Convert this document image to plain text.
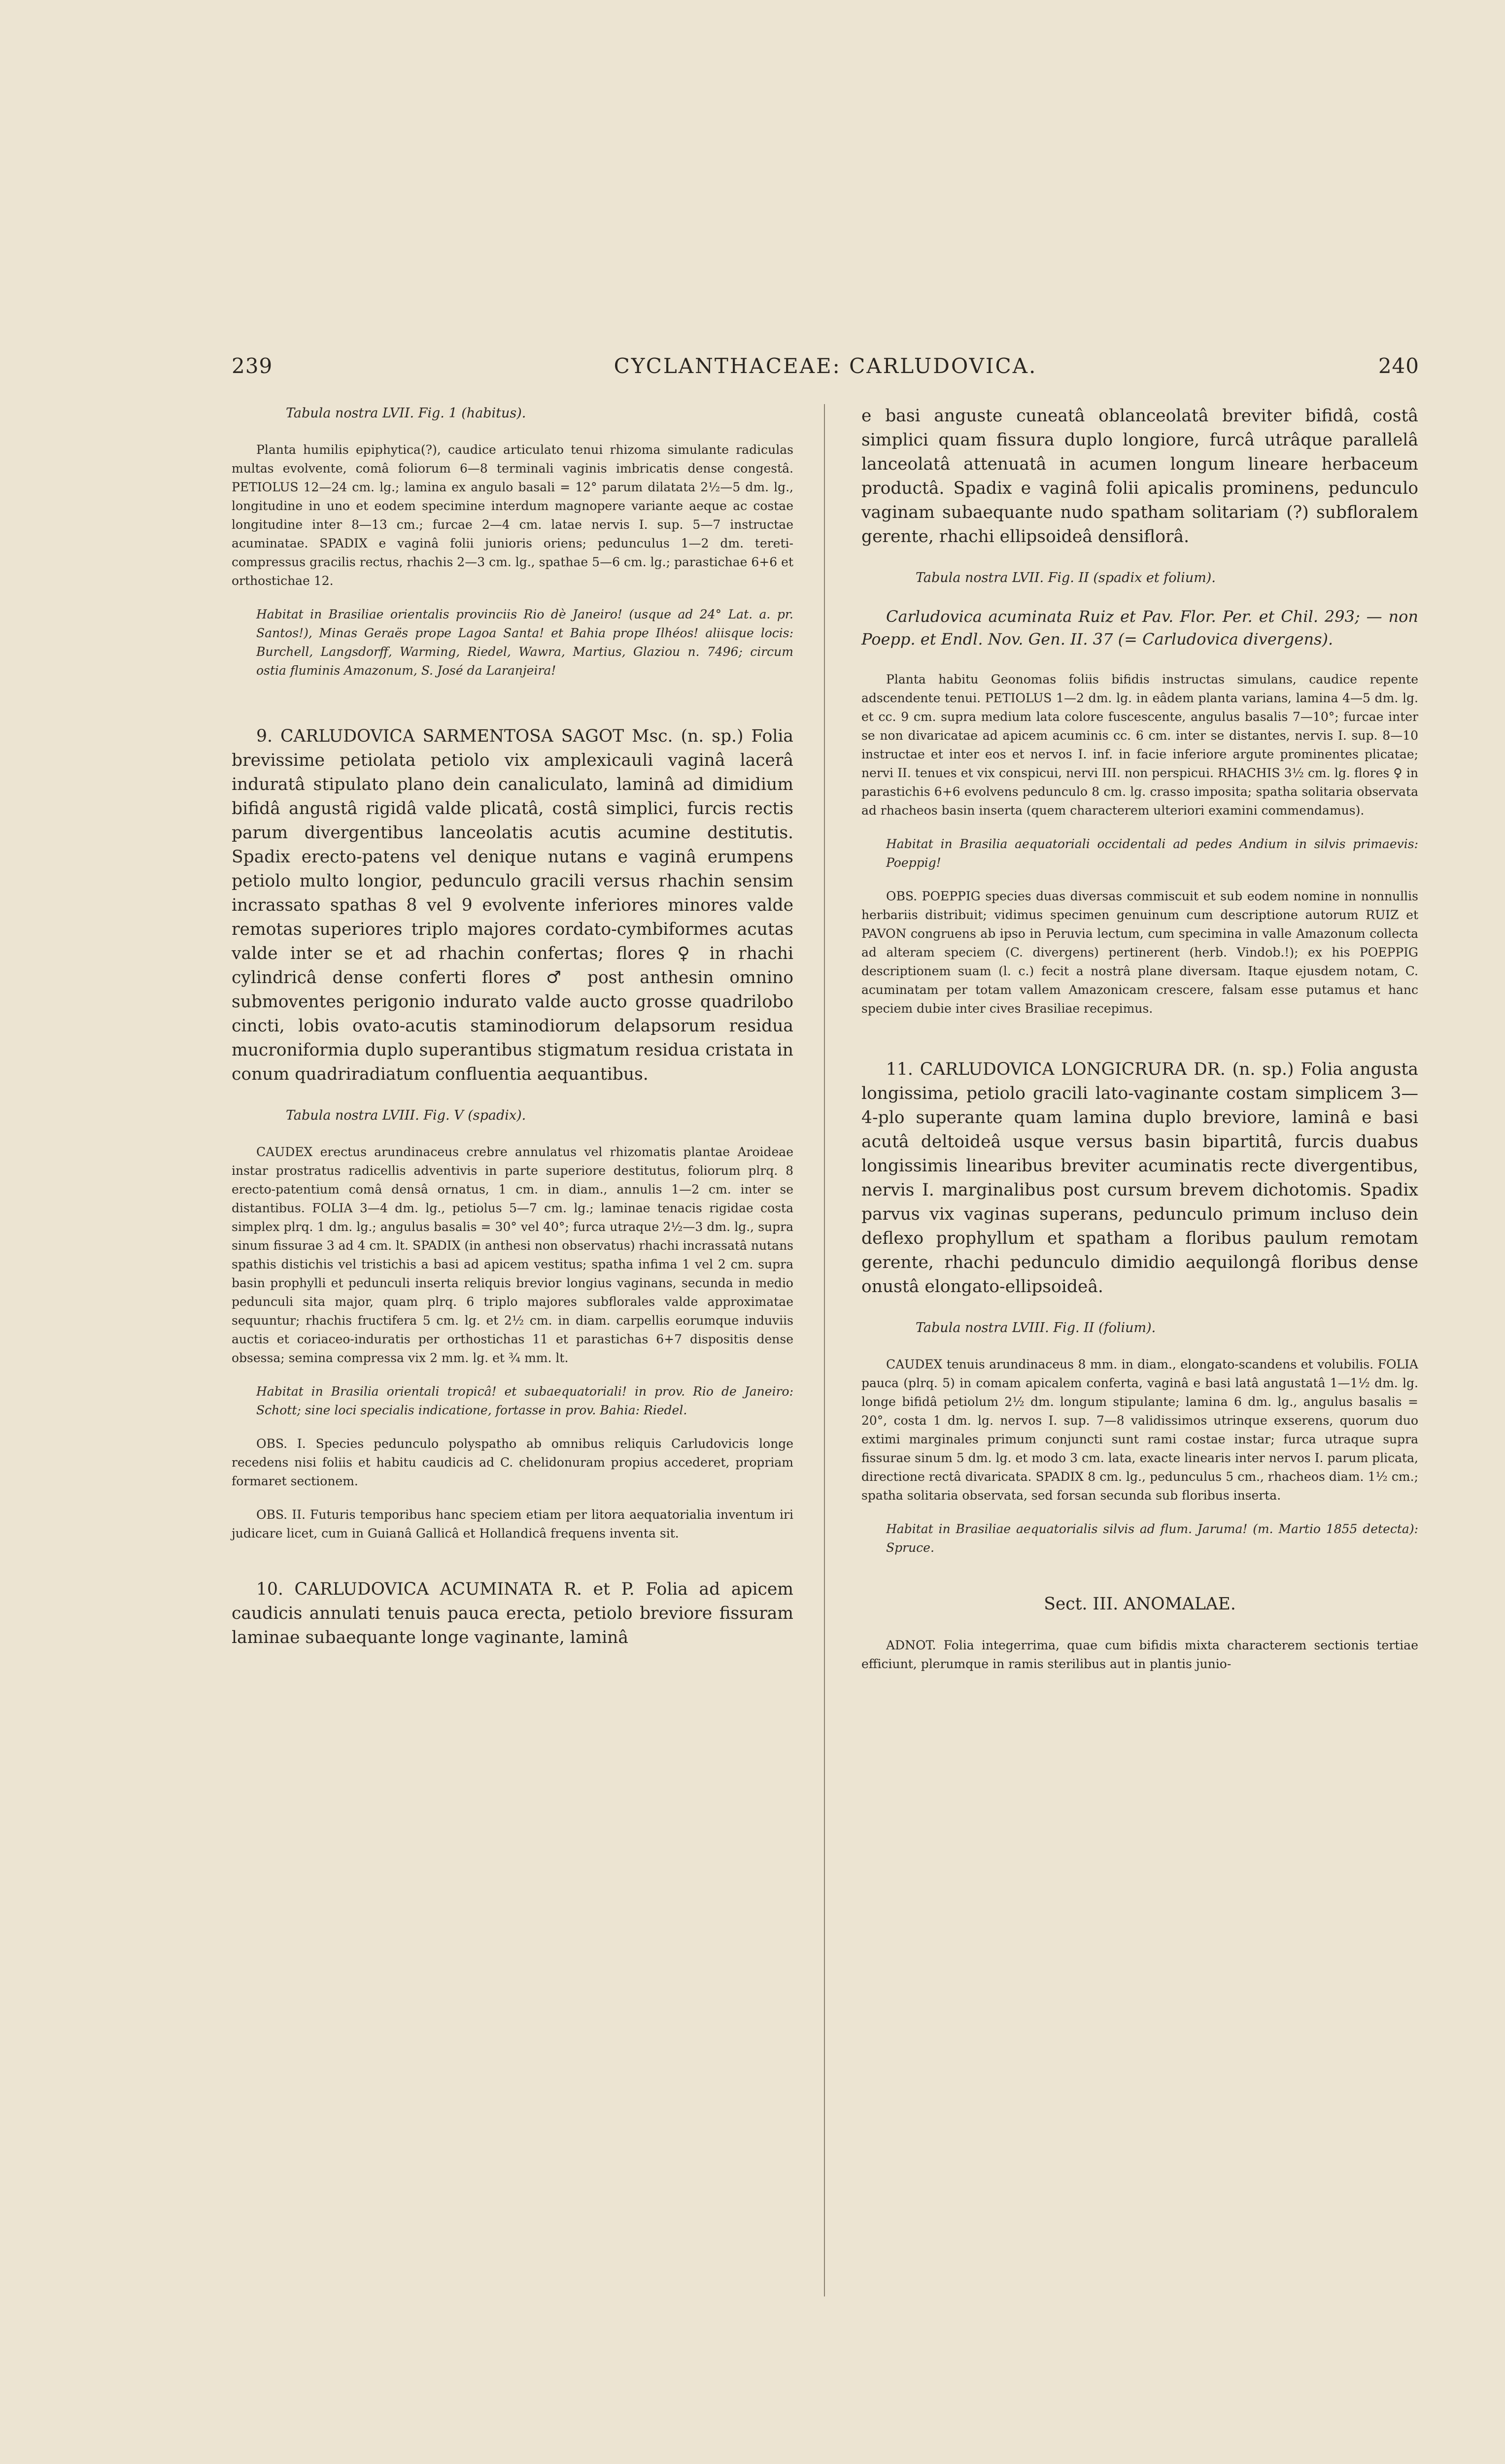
239	CYCLANTHACEAE: CARLUDOVICA.	240

Tabula nostra LVII. Fig. 1 (habitus).

Planta humilis epiphytica(?), caudice articulato tenui rhizoma simulante radiculas multas evolvente, comâ foliorum 6—8 terminali vaginis imbricatis dense congestâ. PETIOLUS 12—24 cm. lg.; lamina ex angulo basali = 12° parum dilatata 2½—5 dm. lg., longitudine in uno et eodem specimine interdum magnopere variante aeque ac costae longitudine inter 8—13 cm.; furcae 2—4 cm. latae nervis I. sup. 5—7 instructae acuminatae. SPADIX e vaginâ folii junioris oriens; pedunculus 1—2 dm. tereti-compressus gracilis rectus, rhachis 2—3 cm. lg., spathae 5—6 cm. lg.; parastichae 6+6 et orthostichae 12.

Habitat in Brasiliae orientalis provinciis Rio dè Janeiro! (usque ad 24° Lat. a. pr. Santos!), Minas Geraës prope Lagoa Santa! et Bahia prope Ilhéos! aliisque locis: Burchell, Langsdorff, Warming, Riedel, Wawra, Martius, Glaziou n. 7496; circum ostia fluminis Amazonum, S. José da Laranjeira!

9. CARLUDOVICA SARMENTOSA SAGOT Msc. (n. sp.) Folia brevissime petiolata petiolo vix amplexicauli vaginâ lacerâ induratâ stipulato plano dein canaliculato, laminâ ad dimidium bifidâ angustâ rigidâ valde plicatâ, costâ simplici, furcis rectis parum divergentibus lanceolatis acutis acumine destitutis. Spadix erecto-patens vel denique nutans e vaginâ erumpens petiolo multo longior, pedunculo gracili versus rhachin sensim incrassato spathas 8 vel 9 evolvente inferiores minores valde remotas superiores triplo majores cordato-cymbiformes acutas valde inter se et ad rhachin confertas; flores ♀ in rhachi cylindricâ dense conferti flores ♂ post anthesin omnino submoventes perigonio indurato valde aucto grosse quadrilobo cincti, lobis ovato-acutis staminodiorum delapsorum residua mucroniformia duplo superantibus stigmatum residua cristata in conum quadriradiatum confluentia aequantibus.

Tabula nostra LVIII. Fig. V (spadix).

CAUDEX erectus arundinaceus crebre annulatus vel rhizomatis plantae Aroideae instar prostratus radicellis adventivis in parte superiore destitutus, foliorum plrq. 8 erecto-patentium comâ densâ ornatus, 1 cm. in diam., annulis 1—2 cm. inter se distantibus. FOLIA 3—4 dm. lg., petiolus 5—7 cm. lg.; laminae tenacis rigidae costa simplex plrq. 1 dm. lg.; angulus basalis = 30° vel 40°; furca utraque 2½—3 dm. lg., supra sinum fissurae 3 ad 4 cm. lt. SPADIX (in anthesi non observatus) rhachi incrassatâ nutans spathis distichis vel tristichis a basi ad apicem vestitus; spatha infima 1 vel 2 cm. supra basin prophylli et pedunculi inserta reliquis brevior longius vaginans, secunda in medio pedunculi sita major, quam plrq. 6 triplo majores subflorales valde approximatae sequuntur; rhachis fructifera 5 cm. lg. et 2½ cm. in diam. carpellis eorumque induviis auctis et coriaceo-induratis per orthostichas 11 et parastichas 6+7 dispositis dense obsessa; semina compressa vix 2 mm. lg. et ¾ mm. lt.

Habitat in Brasilia orientali tropicâ! et subaequatoriali! in prov. Rio de Janeiro: Schott; sine loci specialis indicatione, fortasse in prov. Bahia: Riedel.

OBS. I. Species pedunculo polyspatho ab omnibus reliquis Carludovicis longe recedens nisi foliis et habitu caudicis ad C. chelidonuram propius accederet, propriam formaret sectionem.

OBS. II. Futuris temporibus hanc speciem etiam per litora aequatorialia inventum iri judicare licet, cum in Guianâ Gallicâ et Hollandicâ frequens inventa sit.

10. CARLUDOVICA ACUMINATA R. et P. Folia ad apicem caudicis annulati tenuis pauca erecta, petiolo breviore fissuram laminae subaequante longe vaginante, laminâ

e basi anguste cuneatâ oblanceolatâ breviter bifidâ, costâ simplici quam fissura duplo longiore, furcâ utrâque parallelâ lanceolatâ attenuatâ in acumen longum lineare herbaceum productâ. Spadix e vaginâ folii apicalis prominens, pedunculo vaginam subaequante nudo spatham solitariam (?) subfloralem gerente, rhachi ellipsoideâ densiflorâ.

Tabula nostra LVII. Fig. II (spadix et folium).

Carludovica acuminata Ruiz et Pav. Flor. Per. et Chil. 293; — non Poepp. et Endl. Nov. Gen. II. 37 (= Carludovica divergens).

Planta habitu Geonomas foliis bifidis instructas simulans, caudice repente adscendente tenui. PETIOLUS 1—2 dm. lg. in eâdem planta varians, lamina 4—5 dm. lg. et cc. 9 cm. supra medium lata colore fuscescente, angulus basalis 7—10°; furcae inter se non divaricatae ad apicem acuminis cc. 6 cm. inter se distantes, nervis I. sup. 8—10 instructae et inter eos et nervos I. inf. in facie inferiore argute prominentes plicatae; nervi II. tenues et vix conspicui, nervi III. non perspicui. RHACHIS 3½ cm. lg. flores ♀ in parastichis 6+6 evolvens pedunculo 8 cm. lg. crasso imposita; spatha solitaria observata ad rhacheos basin inserta (quem characterem ulteriori examini commendamus).

Habitat in Brasilia aequatoriali occidentali ad pedes Andium in silvis primaevis: Poeppig!

OBS. POEPPIG species duas diversas commiscuit et sub eodem nomine in nonnullis herbariis distribuit; vidimus specimen genuinum cum descriptione autorum RUIZ et PAVON congruens ab ipso in Peruvia lectum, cum specimina in valle Amazonum collecta ad alteram speciem (C. divergens) pertinerent (herb. Vindob.!); ex his POEPPIG descriptionem suam (l. c.) fecit a nostrâ plane diversam. Itaque ejusdem notam, C. acuminatam per totam vallem Amazonicam crescere, falsam esse putamus et hanc speciem dubie inter cives Brasiliae recepimus.

11. CARLUDOVICA LONGICRURA DR. (n. sp.) Folia angusta longissima, petiolo gracili lato-vaginante costam simplicem 3—4-plo superante quam lamina duplo breviore, laminâ e basi acutâ deltoideâ usque versus basin bipartitâ, furcis duabus longissimis linearibus breviter acuminatis recte divergentibus, nervis I. marginalibus post cursum brevem dichotomis. Spadix parvus vix vaginas superans, pedunculo primum incluso dein deflexo prophyllum et spatham a floribus paulum remotam gerente, rhachi pedunculo dimidio aequilongâ floribus dense onustâ elongato-ellipsoideâ.

Tabula nostra LVIII. Fig. II (folium).

CAUDEX tenuis arundinaceus 8 mm. in diam., elongato-scandens et volubilis. FOLIA pauca (plrq. 5) in comam apicalem conferta, vaginâ e basi latâ angustatâ 1—1½ dm. lg. longe bifidâ petiolum 2½ dm. longum stipulante; lamina 6 dm. lg., angulus basalis = 20°, costa 1 dm. lg. nervos I. sup. 7—8 validissimos utrinque exserens, quorum duo extimi marginales primum conjuncti sunt rami costae instar; furca utraque supra fissurae sinum 5 dm. lg. et modo 3 cm. lata, exacte linearis inter nervos I. parum plicata, directione rectâ divaricata. SPADIX 8 cm. lg., pedunculus 5 cm., rhacheos diam. 1½ cm.; spatha solitaria observata, sed forsan secunda sub floribus inserta.

Habitat in Brasiliae aequatorialis silvis ad flum. Jaruma! (m. Martio 1855 detecta): Spruce.

Sect. III. ANOMALAE.

ADNOT. Folia integerrima, quae cum bifidis mixta characterem sectionis tertiae efficiunt, plerumque in ramis sterilibus aut in plantis junio-
